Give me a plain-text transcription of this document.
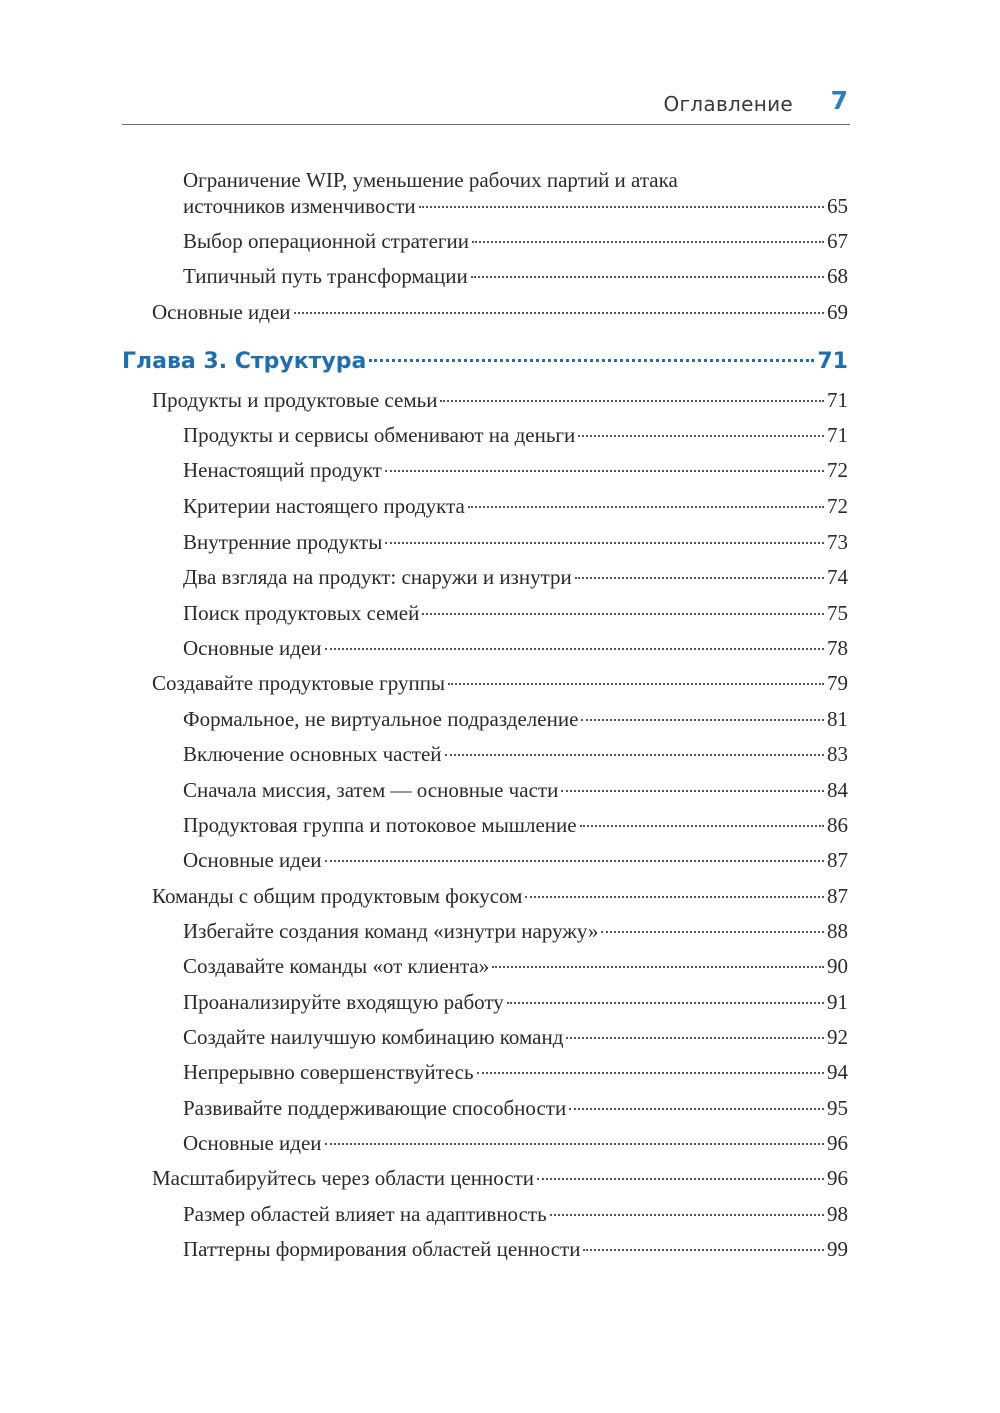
Оглавление 7
Ограничение WIP, уменьшение рабочих партий и атака
источников изменчивости	65
Выбор операционной стратегии	67
Типичный путь трансформации	68
Основные идеи	69
Глава 3. Структура	71
Продукты и продуктовые семьи	71
Продукты и сервисы обменивают на деньги	71
Ненастоящий продукт	72
Критерии настоящего продукта	72
Внутренние продукты	73
Два взгляда на продукт: снаружи и изнутри	74
Поиск продуктовых семей	75
Основные идеи	78
Создавайте продуктовые группы	79
Формальное, не виртуальное подразделение	81
Включение основных частей	83
Сначала миссия, затем — основные части	84
Продуктовая группа и потоковое мышление	86
Основные идеи	87
Команды с общим продуктовым фокусом	87
Избегайте создания команд «изнутри наружу»	88
Создавайте команды «от клиента»	90
Проанализируйте входящую работу	91
Создайте наилучшую комбинацию команд	92
Непрерывно совершенствуйтесь	94
Развивайте поддерживающие способности	95
Основные идеи	96
Масштабируйтесь через области ценности	96
Размер областей влияет на адаптивность	98
Паттерны формирования областей ценности	99
